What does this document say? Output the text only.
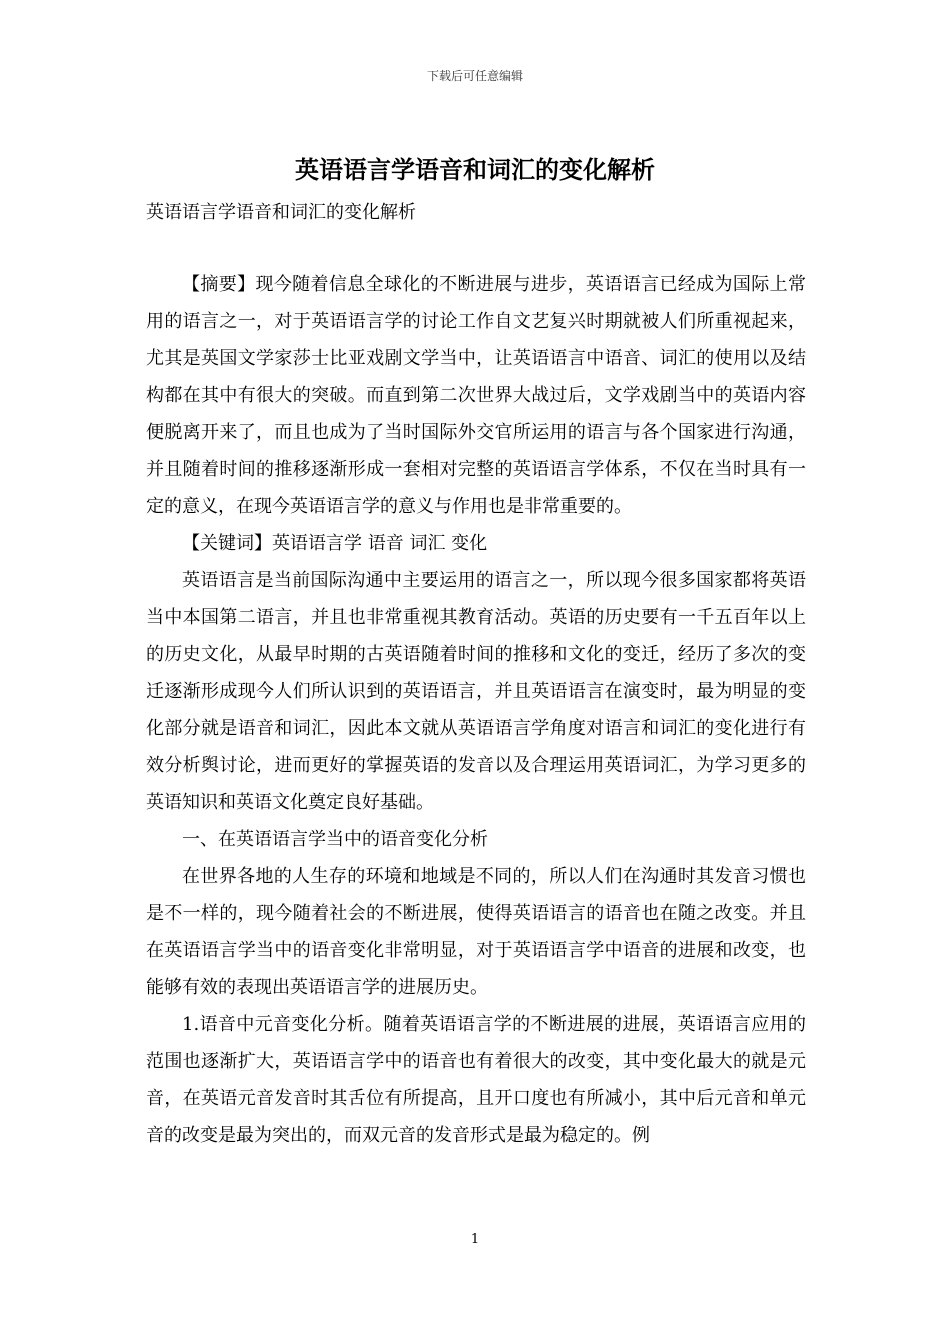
下载后可任意编辑
英语语言学语音和词汇的变化解析
英语语言学语音和词汇的变化解析

【摘要】现今随着信息全球化的不断进展与进步，英语语言已经成为国际上常用的语言之一，对于英语语言学的讨论工作自文艺复兴时期就被人们所重视起来，尤其是英国文学家莎士比亚戏剧文学当中，让英语语言中语音、词汇的使用以及结构都在其中有很大的突破。而直到第二次世界大战过后，文学戏剧当中的英语内容便脱离开来了，而且也成为了当时国际外交官所运用的语言与各个国家进行沟通，并且随着时间的推移逐渐形成一套相对完整的英语语言学体系，不仅在当时具有一定的意义，在现今英语语言学的意义与作用也是非常重要的。

【关键词】英语语言学 语音 词汇 变化

英语语言是当前国际沟通中主要运用的语言之一，所以现今很多国家都将英语当中本国第二语言，并且也非常重视其教育活动。英语的历史要有一千五百年以上的历史文化，从最早时期的古英语随着时间的推移和文化的变迁，经历了多次的变迁逐渐形成现今人们所认识到的英语语言，并且英语语言在演变时，最为明显的变化部分就是语音和词汇，因此本文就从英语语言学角度对语言和词汇的变化进行有效分析舆讨论，进而更好的掌握英语的发音以及合理运用英语词汇，为学习更多的英语知识和英语文化奠定良好基础。

一、在英语语言学当中的语音变化分析

在世界各地的人生存的环境和地域是不同的，所以人们在沟通时其发音习惯也是不一样的，现今随着社会的不断进展，使得英语语言的语音也在随之改变。并且在英语语言学当中的语音变化非常明显，对于英语语言学中语音的进展和改变，也能够有效的表现出英语语言学的进展历史。

1.语音中元音变化分析。随着英语语言学的不断进展的进展，英语语言应用的范围也逐渐扩大，英语语言学中的语音也有着很大的改变，其中变化最大的就是元音，在英语元音发音时其舌位有所提高，且开口度也有所减小，其中后元音和单元音的改变是最为突出的，而双元音的发音形式是最为稳定的。例

1
